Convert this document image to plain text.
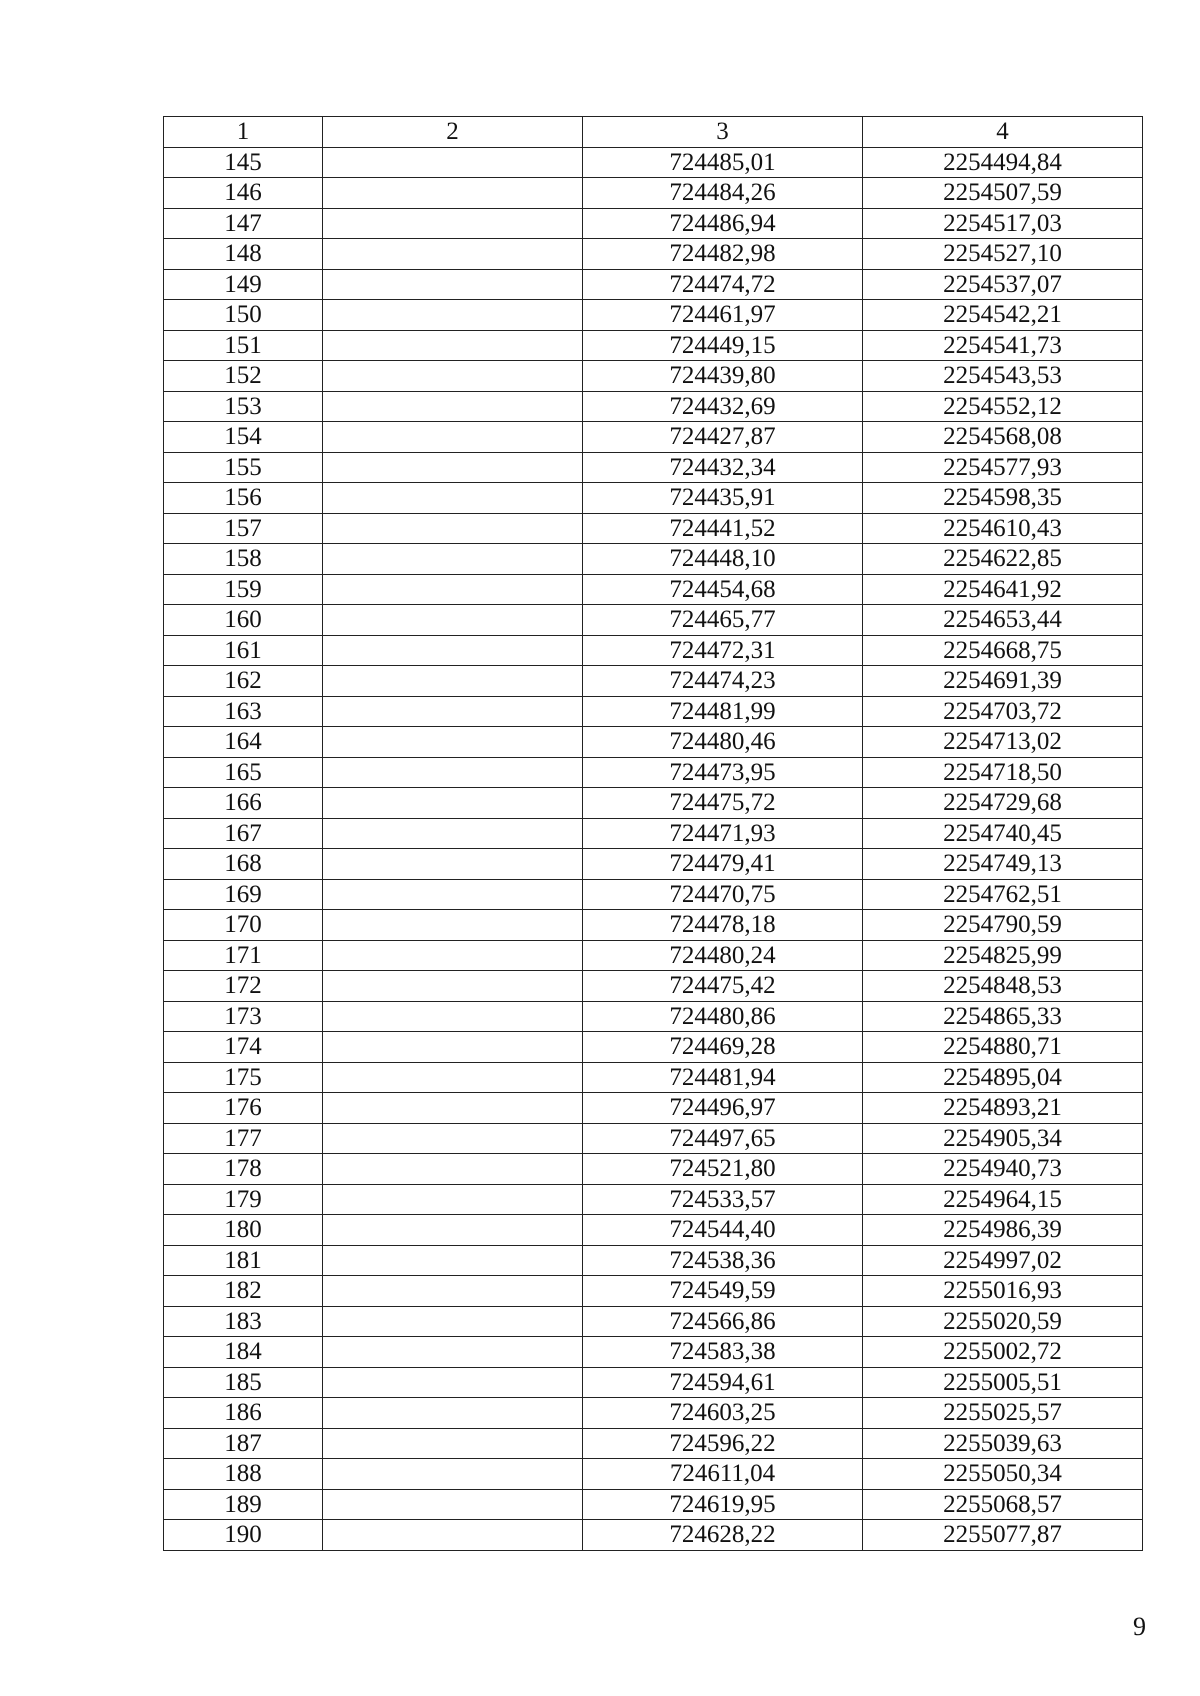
1	2	3	4
145		724485,01	2254494,84
146		724484,26	2254507,59
147		724486,94	2254517,03
148		724482,98	2254527,10
149		724474,72	2254537,07
150		724461,97	2254542,21
151		724449,15	2254541,73
152		724439,80	2254543,53
153		724432,69	2254552,12
154		724427,87	2254568,08
155		724432,34	2254577,93
156		724435,91	2254598,35
157		724441,52	2254610,43
158		724448,10	2254622,85
159		724454,68	2254641,92
160		724465,77	2254653,44
161		724472,31	2254668,75
162		724474,23	2254691,39
163		724481,99	2254703,72
164		724480,46	2254713,02
165		724473,95	2254718,50
166		724475,72	2254729,68
167		724471,93	2254740,45
168		724479,41	2254749,13
169		724470,75	2254762,51
170		724478,18	2254790,59
171		724480,24	2254825,99
172		724475,42	2254848,53
173		724480,86	2254865,33
174		724469,28	2254880,71
175		724481,94	2254895,04
176		724496,97	2254893,21
177		724497,65	2254905,34
178		724521,80	2254940,73
179		724533,57	2254964,15
180		724544,40	2254986,39
181		724538,36	2254997,02
182		724549,59	2255016,93
183		724566,86	2255020,59
184		724583,38	2255002,72
185		724594,61	2255005,51
186		724603,25	2255025,57
187		724596,22	2255039,63
188		724611,04	2255050,34
189		724619,95	2255068,57
190		724628,22	2255077,87
9
